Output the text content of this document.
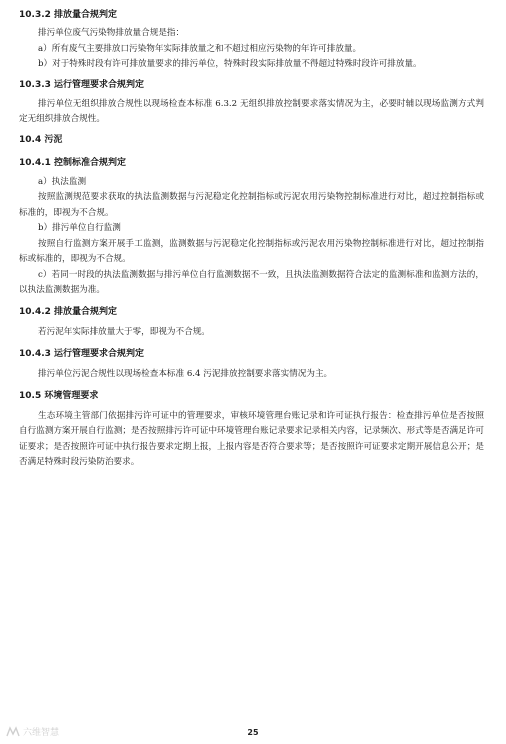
10.3.2 排放量合规判定

排污单位废气污染物排放量合规是指：

a）所有废气主要排放口污染物年实际排放量之和不超过相应污染物的年许可排放量。

b）对于特殊时段有许可排放量要求的排污单位，特殊时段实际排放量不得超过特殊时段许可排放量。

10.3.3 运行管理要求合规判定

排污单位无组织排放合规性以现场检查本标准 6.3.2 无组织排放控制要求落实情况为主，必要时辅以现场监测方式判定无组织排放合规性。

10.4 污泥

10.4.1 控制标准合规判定

a）执法监测

按照监测规范要求获取的执法监测数据与污泥稳定化控制指标或污泥农用污染物控制标准进行对比，超过控制指标或标准的，即视为不合规。

b）排污单位自行监测

按照自行监测方案开展手工监测，监测数据与污泥稳定化控制指标或污泥农用污染物控制标准进行对比，超过控制指标或标准的，即视为不合规。

c）若同一时段的执法监测数据与排污单位自行监测数据不一致，且执法监测数据符合法定的监测标准和监测方法的，以执法监测数据为准。

10.4.2 排放量合规判定

若污泥年实际排放量大于零，即视为不合规。

10.4.3 运行管理要求合规判定

排污单位污泥合规性以现场检查本标准 6.4 污泥排放控制要求落实情况为主。

10.5 环境管理要求

生态环境主管部门依据排污许可证中的管理要求，审核环境管理台账记录和许可证执行报告：检查排污单位是否按照自行监测方案开展自行监测；是否按照排污许可证中环境管理台账记录要求记录相关内容，记录频次、形式等是否满足许可证要求；是否按照许可证中执行报告要求定期上报，上报内容是否符合要求等；是否按照许可证要求定期开展信息公开；是否满足特殊时段污染防治要求。

六维智慧	25
